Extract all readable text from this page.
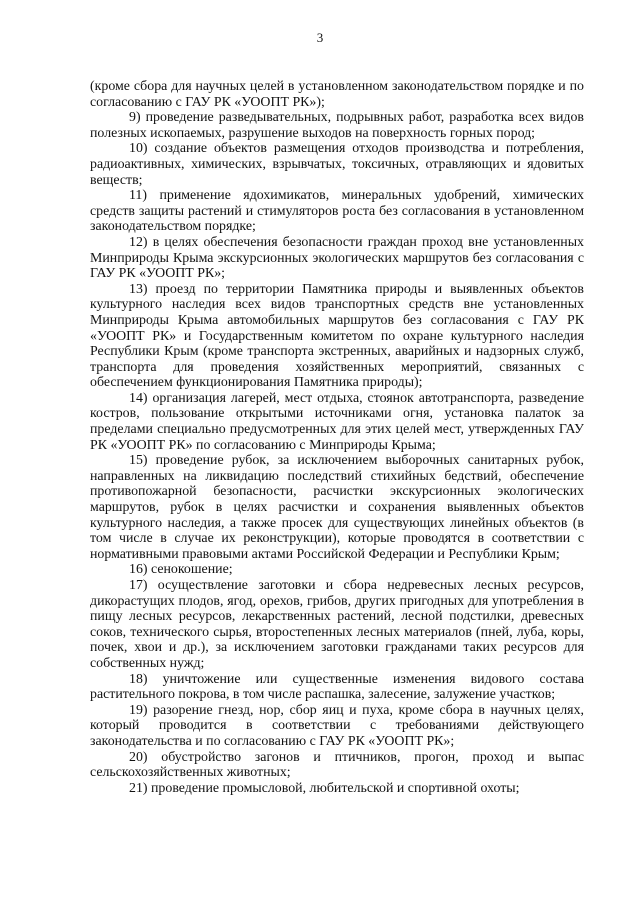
3

(кроме сбора для научных целей в установленном законодательством порядке и по согласованию с ГАУ РК «УООПТ РК»);

9) проведение разведывательных, подрывных работ, разработка всех видов полезных ископаемых, разрушение выходов на поверхность горных пород;

10) создание объектов размещения отходов производства и потребления, радиоактивных, химических, взрывчатых, токсичных, отравляющих и ядовитых веществ;

11) применение ядохимикатов, минеральных удобрений, химических средств защиты растений и стимуляторов роста без согласования в установленном законодательством порядке;

12) в целях обеспечения безопасности граждан проход вне установленных Минприроды Крыма экскурсионных экологических маршрутов без согласования с ГАУ РК «УООПТ РК»;

13) проезд по территории Памятника природы и выявленных объектов культурного наследия всех видов транспортных средств вне установленных Минприроды Крыма автомобильных маршрутов без согласования с ГАУ РК «УООПТ РК» и Государственным комитетом по охране культурного наследия Республики Крым (кроме транспорта экстренных, аварийных и надзорных служб, транспорта для проведения хозяйственных мероприятий, связанных с обеспечением функционирования Памятника природы);

14) организация лагерей, мест отдыха, стоянок автотранспорта, разведение костров, пользование открытыми источниками огня, установка палаток за пределами специально предусмотренных для этих целей мест, утвержденных ГАУ РК «УООПТ РК» по согласованию с Минприроды Крыма;

15) проведение рубок, за исключением выборочных санитарных рубок, направленных на ликвидацию последствий стихийных бедствий, обеспечение противопожарной безопасности, расчистки экскурсионных экологических маршрутов, рубок в целях расчистки и сохранения выявленных объектов культурного наследия, а также просек для существующих линейных объектов (в том числе в случае их реконструкции), которые проводятся в соответствии с нормативными правовыми актами Российской Федерации и Республики Крым;

16) сенокошение;

17) осуществление заготовки и сбора недревесных лесных ресурсов, дикорастущих плодов, ягод, орехов, грибов, других пригодных для употребления в пищу лесных ресурсов, лекарственных растений, лесной подстилки, древесных соков, технического сырья, второстепенных лесных материалов (пней, луба, коры, почек, хвои и др.), за исключением заготовки гражданами таких ресурсов для собственных нужд;

18) уничтожение или существенные изменения видового состава растительного покрова, в том числе распашка, залесение, залужение участков;

19) разорение гнезд, нор, сбор яиц и пуха, кроме сбора в научных целях, который проводится в соответствии с требованиями действующего законодательства и по согласованию с ГАУ РК «УООПТ РК»;

20) обустройство загонов и птичников, прогон, проход и выпас сельскохозяйственных животных;

21) проведение промысловой, любительской и спортивной охоты;
